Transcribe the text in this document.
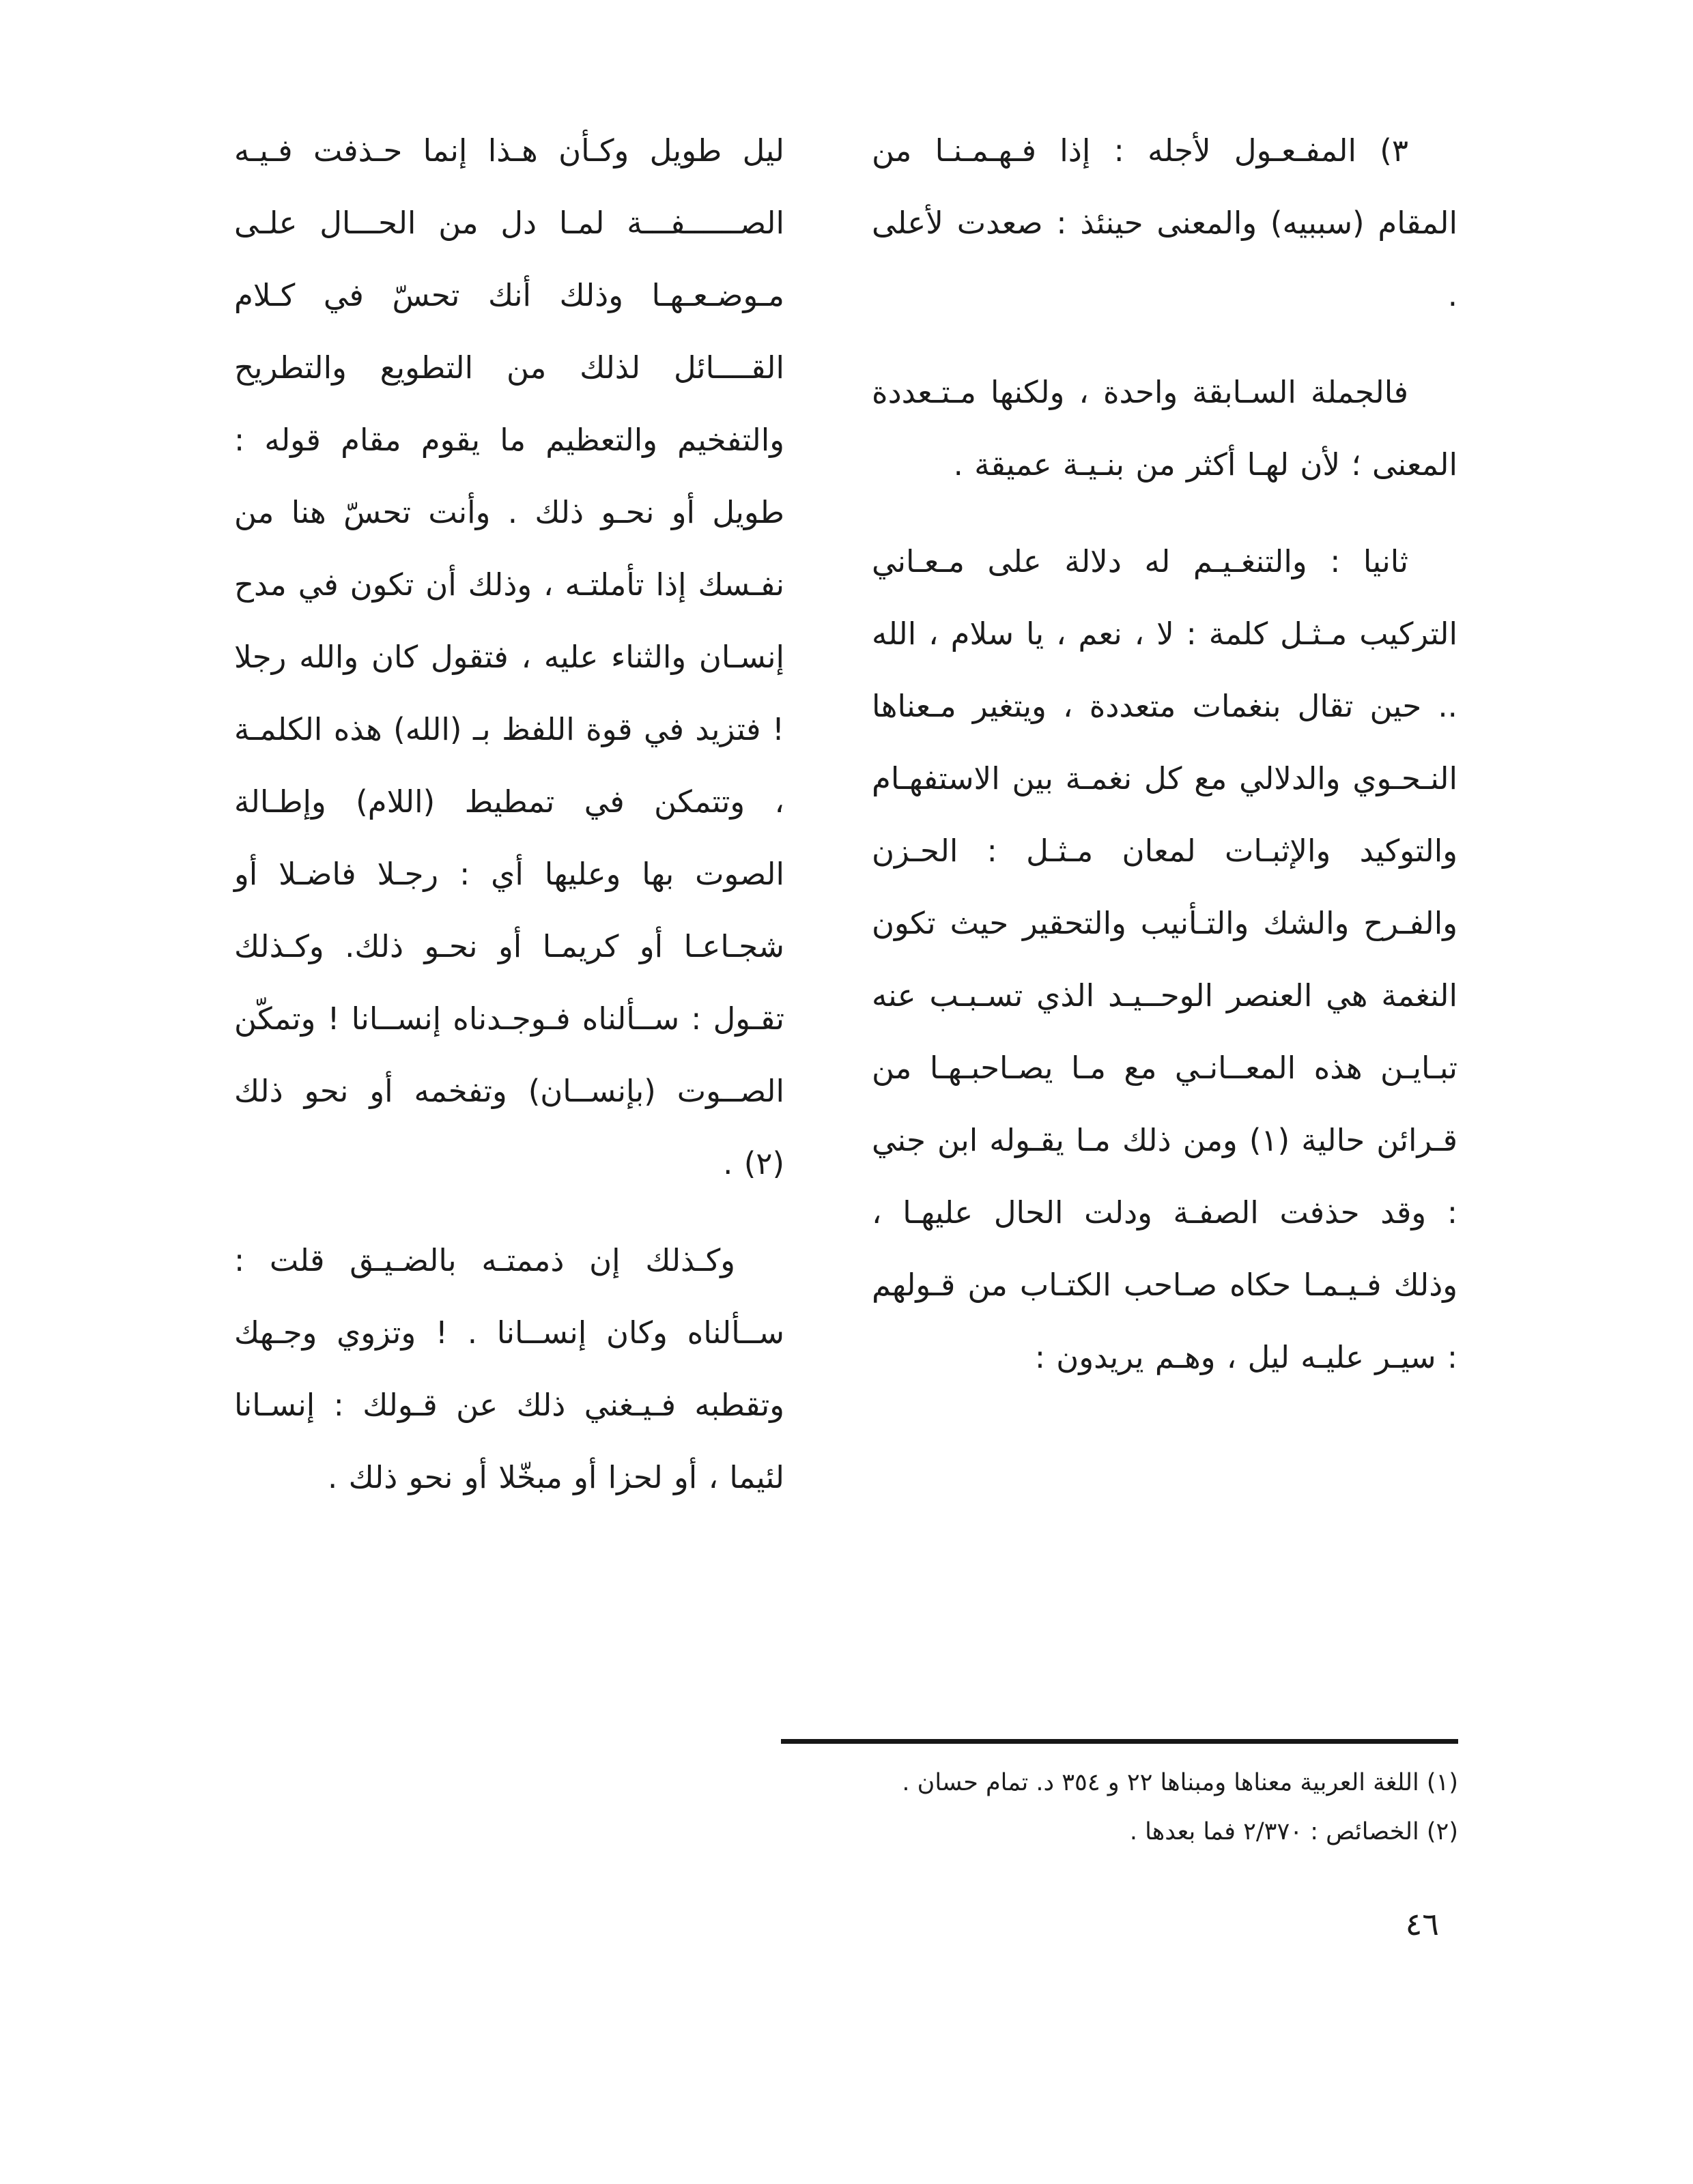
٣) المفـعـول لأجله : إذا فـهـمـنـا من المقام (سببيه) والمعنى حينئذ : صعدت لأعلى .

فالجملة السـابقة واحدة ، ولكنها مـتـعددة المعنى ؛ لأن لهـا أكثر من بنـيـة عميقة .

ثانيا : والتنغـيـم له دلالة على مـعـاني التركيب مـثـل كلمة : لا ، نعم ، يا سلام ، الله .. حين تقال بنغمات متعددة ، ويتغير مـعناها النـحـوي والدلالي مع كل نغمـة بين الاستفهـام والتوكيد والإثبـات لمعان مـثـل : الحـزن والفـرح والشك والتـأنيب والتحقير حيث تكون النغمة هي العنصر الوحــيـد الذي تسـبـب عنه تبـايـن هذه المعــانـي مع مـا يصـاحبـهـا من قـرائن حالية (١) ومن ذلك مـا يقـوله ابن جني : وقد حذفت الصفـة ودلت الحال عليهـا ، وذلك فـيـمـا حكاه صـاحب الكتـاب من قـولهم : سيـر عليـه ليل ، وهـم يريدون :

ليل طويل وكـأن هـذا إنما حـذفت فـيـه الصــــــفـــة لمـا دل من الحـــال علـى مـوضـعـهـا وذلك أنك تحسّ في كـلام القــــائل لذلك من التطويع والتطريح والتفخيم والتعظيم ما يقوم مقام قوله : طويل أو نحـو ذلك . وأنت تحسّ هنا من نفـسك إذا تأملتـه ، وذلك أن تكون في مدح إنسـان والثناء عليه ، فتقول كان والله رجلا ! فتزيد في قوة اللفظ بـ (الله) هذه الكلمـة ، وتتمكن في تمطيط (اللام) وإطـالة الصوت بها وعليها أي : رجـلا فاضـلا أو شجـاعـا أو كريمـا أو نحـو ذلك. وكـذلك تقـول : ســألناه فـوجـدناه إنســانا ! وتمكّن الصــوت (بإنســان) وتفخمه أو نحو ذلك (٢) .

وكـذلك إن ذممتـه بالضـيـق قلت : ســألناه وكان إنســانا . ! وتزوي وجـهك وتقطبه فـيـغني ذلك عن قـولك : إنسـانا لئيما ، أو لحزا أو مبخّلا أو نحو ذلك .

(١) اللغة العربية معناها ومبناها ٢٢ و ٣٥٤ د. تمام حسان .

(٢) الخصائص : ٢/٣٧٠ فما بعدها .

٤٦
